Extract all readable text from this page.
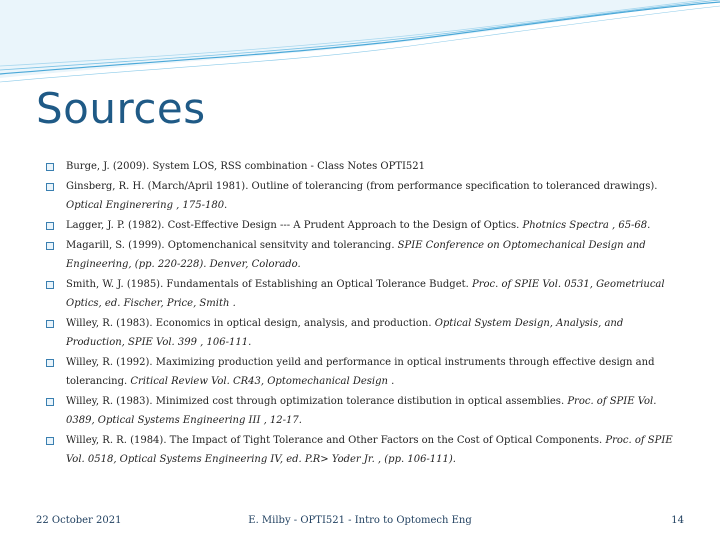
Sources
Burge, J. (2009). System LOS, RSS combination - Class Notes OPTI521
Ginsberg, R. H. (March/April 1981). Outline of tolerancing (from performance specification to toleranced drawings). Optical Enginerering , 175-180.
Lagger, J. P. (1982). Cost-Effective Design --- A Prudent Approach to the Design of Optics. Photnics Spectra , 65-68.
Magarill, S. (1999). Optomenchanical sensitvity and tolerancing. SPIE Conference on Optomechanical Design and Engineering, (pp. 220-228). Denver, Colorado.
Smith, W. J. (1985). Fundamentals of Establishing an Optical Tolerance Budget. Proc. of SPIE Vol. 0531, Geometriucal Optics, ed. Fischer, Price, Smith .
Willey, R. (1983). Economics in optical design, analysis, and production. Optical System Design, Analysis, and Production, SPIE Vol. 399 , 106-111.
Willey, R. (1992). Maximizing production yeild and performance in optical instruments through effective design and tolerancing. Critical Review Vol. CR43, Optomechanical Design .
Willey, R. (1983). Minimized cost through optimization tolerance distibution in optical assemblies. Proc. of SPIE Vol. 0389, Optical Systems Engineering III , 12-17.
Willey, R. R. (1984). The Impact of Tight Tolerance and Other Factors on the Cost of Optical Components. Proc. of SPIE Vol. 0518, Optical Systems Engineering IV, ed. P.R> Yoder Jr. , (pp. 106-111).
22 October 2021	E. Milby - OPTI521 - Intro to Optomech Eng	14
